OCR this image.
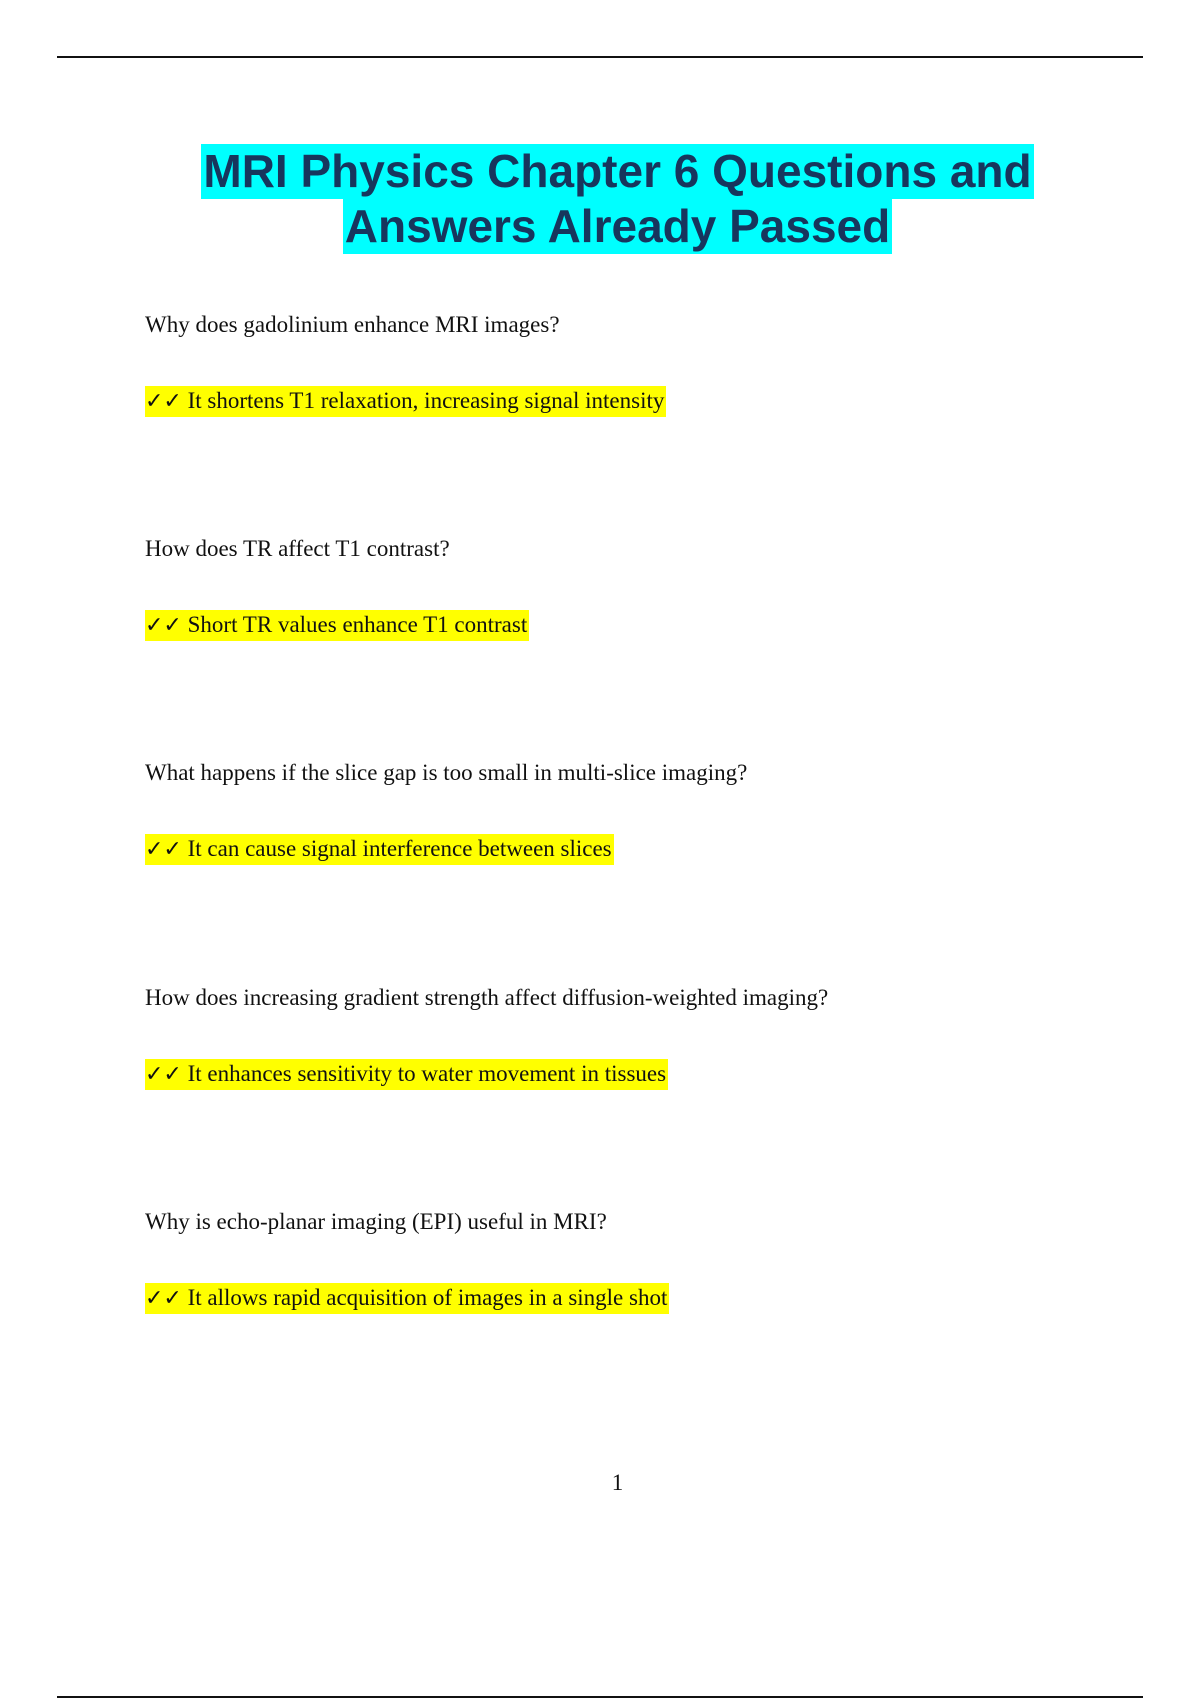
MRI Physics Chapter 6 Questions and
Answers Already Passed
Why does gadolinium enhance MRI images?
✓✓ It shortens T1 relaxation, increasing signal intensity
How does TR affect T1 contrast?
✓✓ Short TR values enhance T1 contrast
What happens if the slice gap is too small in multi-slice imaging?
✓✓ It can cause signal interference between slices
How does increasing gradient strength affect diffusion-weighted imaging?
✓✓ It enhances sensitivity to water movement in tissues
Why is echo-planar imaging (EPI) useful in MRI?
✓✓ It allows rapid acquisition of images in a single shot
1
